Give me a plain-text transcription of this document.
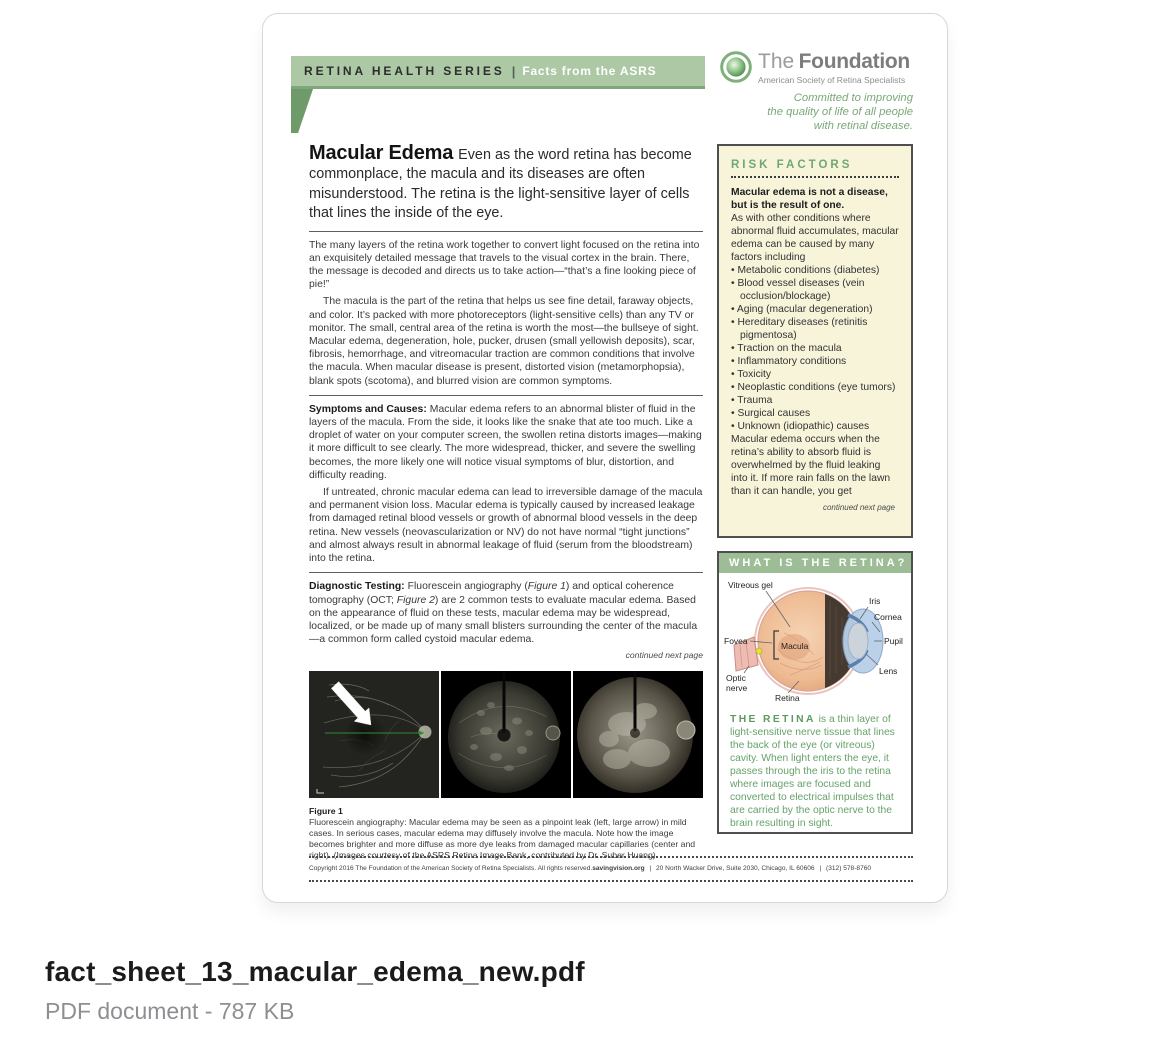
RETINA HEALTH SERIES | Facts from the ASRS	The Foundation
American Society of Retina Specialists
Committed to improving
the quality of life of all people
with retinal disease.

Macular Edema Even as the word retina has become commonplace, the macula and its diseases are often misunderstood. The retina is the light-sensitive layer of cells that lines the inside of the eye.

The many layers of the retina work together to convert light focused on the retina into an exquisitely detailed message that travels to the visual cortex in the brain. There, the message is decoded and directs us to take action—“that’s a fine looking piece of pie!”

The macula is the part of the retina that helps us see fine detail, faraway objects, and color. It’s packed with more photoreceptors (light-sensitive cells) than any TV or monitor. The small, central area of the retina is worth the most—the bullseye of sight. Macular edema, degeneration, hole, pucker, drusen (small yellowish deposits), scar, fibrosis, hemorrhage, and vitreomacular traction are common conditions that involve the macula. When macular disease is present, distorted vision (metamorphopsia), blank spots (scotoma), and blurred vision are common symptoms.

Symptoms and Causes: Macular edema refers to an abnormal blister of fluid in the layers of the macula. From the side, it looks like the snake that ate too much. Like a droplet of water on your computer screen, the swollen retina distorts images—making it more difficult to see clearly. The more widespread, thicker, and severe the swelling becomes, the more likely one will notice visual symptoms of blur, distortion, and difficulty reading.

If untreated, chronic macular edema can lead to irreversible damage of the macula and permanent vision loss. Macular edema is typically caused by increased leakage from damaged retinal blood vessels or growth of abnormal blood vessels in the deep retina. New vessels (neovascularization or NV) do not have normal “tight junctions” and almost always result in abnormal leakage of fluid (serum from the bloodstream) into the retina.

Diagnostic Testing: Fluorescein angiography (Figure 1) and optical coherence tomography (OCT; Figure 2) are 2 common tests to evaluate macular edema. Based on the appearance of fluid on these tests, macular edema may be widespread, localized, or be made up of many small blisters surrounding the center of the macula—a common form called cystoid macular edema.

continued next page

Figure 1
Fluorescein angiography: Macular edema may be seen as a pinpoint leak (left, large arrow) in mild cases. In serious cases, macular edema may diffusely involve the macula. Note how the image becomes brighter and more diffuse as more dye leaks from damaged macular capillaries (center and right). (Images courtesy of the ASRS Retina Image Bank, contributed by Dr. Suber Huang)

Copyright 2016 The Foundation of the American Society of Retina Specialists. All rights reserved.savingvision.org | 20 North Wacker Drive, Suite 2030, Chicago, IL 60606 | (312) 578-8760
RISK FACTORS

Macular edema is not a disease, but is the result of one.

As with other conditions where abnormal fluid accumulates, macular edema can be caused by many factors including

• Metabolic conditions (diabetes)
• Blood vessel diseases (vein occlusion/blockage)
• Aging (macular degeneration)
• Hereditary diseases (retinitis pigmentosa)
• Traction on the macula
• Inflammatory conditions
• Toxicity
• Neoplastic conditions (eye tumors)
• Trauma
• Surgical causes
• Unknown (idiopathic) causes

Macular edema occurs when the retina’s ability to absorb fluid is overwhelmed by the fluid leaking into it. If more rain falls on the lawn than it can handle, you get

continued next page

WHAT IS THE RETINA?
Vitreous gel
Iris
Cornea
Fovea	Macula	Pupil
Lens
Optic
nerve
Retina
THE RETINA is a thin layer of light-sensitive nerve tissue that lines the back of the eye (or vitreous) cavity. When light enters the eye, it passes through the iris to the retina where images are focused and converted to electrical impulses that are carried by the optic nerve to the brain resulting in sight.

fact_sheet_13_macular_edema_new.pdf

PDF document - 787 KB
